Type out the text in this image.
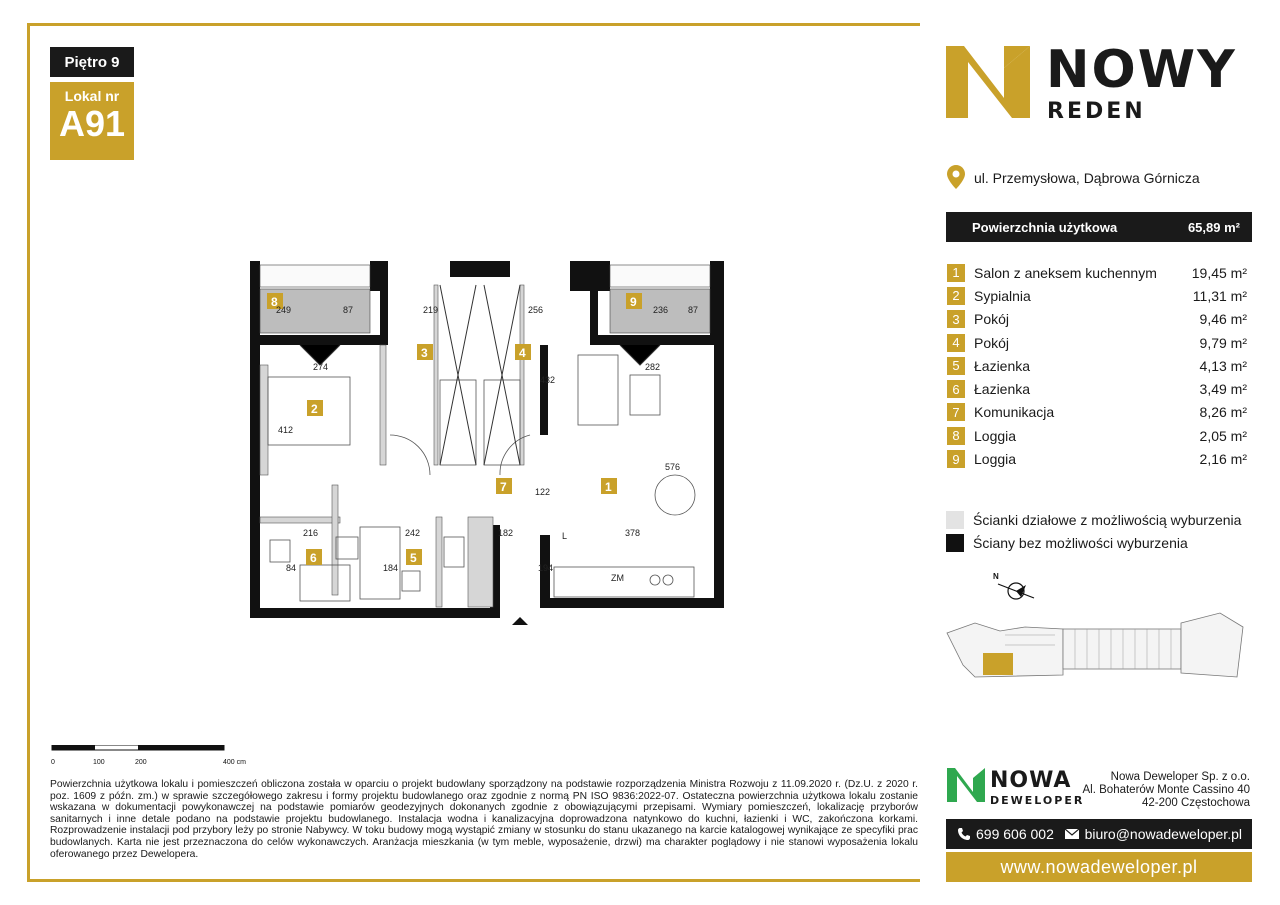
Piętro 9
Lokal nr
A91
8	9
3	4
2
7	1
6	5
249	87	219	256	236 87
274	282
432
412
576
122
216	242	182	378
84	184	194
L
ZM
NOWY
REDEN
ul. Przemysłowa, Dąbrowa Górnicza
Powierzchnia użytkowa	65,89 m²
1	Salon z aneksem kuchennym	19,45 m²
2	Sypialnia	11,31 m²
3	Pokój	9,46 m²
4	Pokój	9,79 m²
5	Łazienka	4,13 m²
6	Łazienka	3,49 m²
7	Komunikacja	8,26 m²
8	Loggia	2,05 m²
9	Loggia	2,16 m²
Ścianki działowe z możliwością wyburzenia
Ściany bez możliwości wyburzenia
N
0	100	200	400 cm
Powierzchnia użytkowa lokalu i pomieszczeń obliczona została w oparciu o projekt budowlany sporządzony na podstawie rozporządzenia Ministra Rozwoju z 11.09.2020 r. (Dz.U. z 2020 r. poz. 1609 z późn. zm.) w sprawie szczegółowego zakresu i formy projektu budowlanego oraz zgodnie z normą PN ISO 9836:2022-07. Ostateczna powierzchnia użytkowa lokalu zostanie wskazana w dokumentacji powykonawczej na podstawie pomiarów geodezyjnych dokonanych zgodnie z obowiązującymi przepisami. Wymiary pomieszczeń, lokalizację przyborów sanitarnych i inne detale podano na podstawie projektu budowlanego. Instalacja wodna i kanalizacyjna doprowadzona natynkowo do kuchni, łazienki i WC, zakończona korkami. Rozprowadzenie instalacji pod przybory leży po stronie Nabywcy. W toku budowy mogą wystąpić zmiany w stosunku do stanu ukazanego na karcie katalogowej wynikające ze specyfiki prac budowlanych. Karta nie jest przeznaczona do celów wykonawczych. Aranżacja mieszkania (w tym meble, wyposażenie, drzwi) ma charakter poglądowy i nie stanowi wyposażenia lokalu oferowanego przez Dewelopera.
NOWA
DEWELOPER
Nowa Deweloper Sp. z o.o.
Al. Bohaterów Monte Cassino 40
42-200 Częstochowa
699 606 002 biuro@nowadeweloper.pl
www.nowadeweloper.pl
